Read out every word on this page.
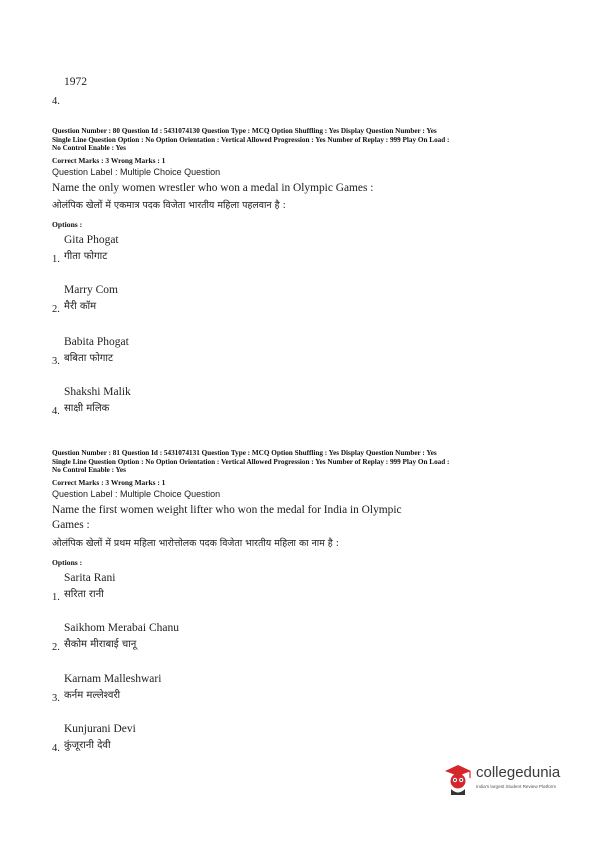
1972
4.
Question Number : 80 Question Id : 5431074130 Question Type : MCQ Option Shuffling : Yes Display Question Number : Yes
Single Line Question Option : No Option Orientation : Vertical Allowed Progression : Yes Number of Replay : 999 Play On Load :
No Control Enable : Yes
Correct Marks : 3 Wrong Marks : 1
Question Label : Multiple Choice Question
Name the only women wrestler who won a medal in Olympic Games :
ओलंपिक खेलों में एकमात्र पदक विजेता भारतीय महिला पहलवान है :
Options :
Gita Phogat
गीता फोगाट
1.
Marry Com
मैरी कॉम
2.
Babita Phogat
बबिता फोगाट
3.
Shakshi Malik
साक्षी मलिक
4.
Question Number : 81 Question Id : 5431074131 Question Type : MCQ Option Shuffling : Yes Display Question Number : Yes
Single Line Question Option : No Option Orientation : Vertical Allowed Progression : Yes Number of Replay : 999 Play On Load :
No Control Enable : Yes
Correct Marks : 3 Wrong Marks : 1
Question Label : Multiple Choice Question
Name the first women weight lifter who won the medal for India in Olympic
Games :
ओलंपिक खेलों में प्रथम महिला भारोत्तोलक पदक विजेता भारतीय महिला का नाम है :
Options :
Sarita Rani
सरिता रानी
1.
Saikhom Merabai Chanu
सैकोम मीराबाई चानू
2.
Karnam Malleshwari
कर्नम मल्लेश्वरी
3.
Kunjurani Devi
कुंजूरानी देवी
4.
collegedunia
India's largest Student Review Platform
